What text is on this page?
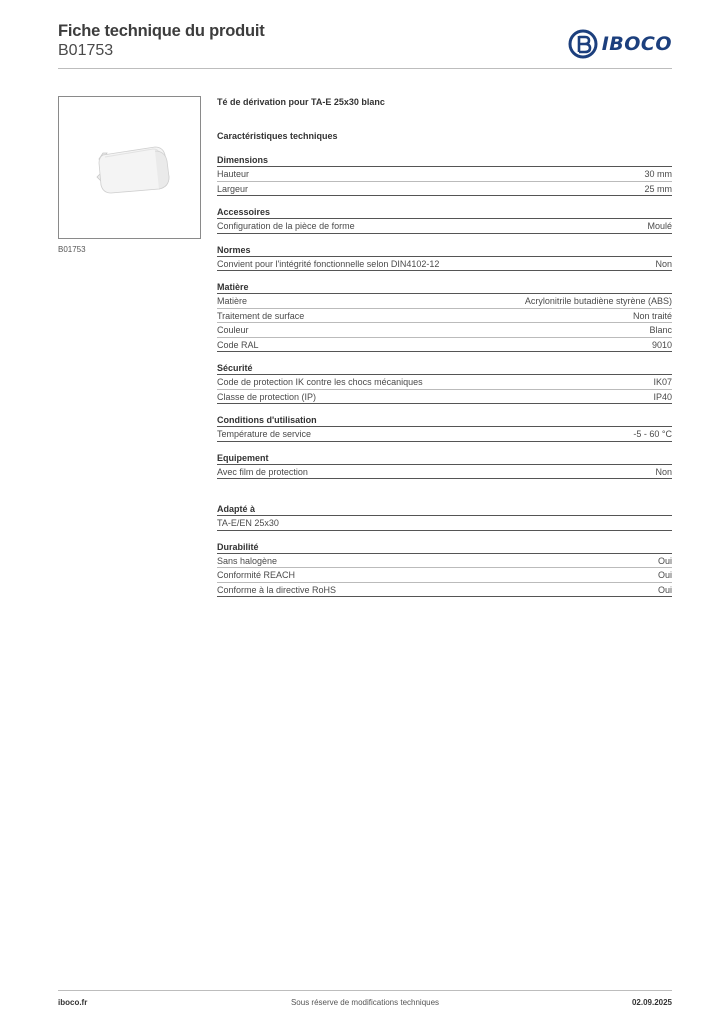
Fiche technique du produit
B01753	IBOCO
B01753
Té de dérivation pour TA-E 25x30 blanc
Caractéristiques techniques
Dimensions
Hauteur	30 mm
Largeur	25 mm
Accessoires
Configuration de la pièce de forme	Moulé
Normes
Convient pour l'intégrité fonctionnelle selon DIN4102-12	Non
Matière
Matière	Acrylonitrile butadiène styrène (ABS)
Traitement de surface	Non traité
Couleur	Blanc
Code RAL	9010
Sécurité
Code de protection IK contre les chocs mécaniques	IK07
Classe de protection (IP)	IP40
Conditions d'utilisation
Température de service	-5 - 60 °C
Equipement
Avec film de protection	Non
Adapté à
TA-E/EN 25x30
Durabilité
Sans halogène	Oui
Conformité REACH	Oui
Conforme à la directive RoHS	Oui
iboco.fr	Sous réserve de modifications techniques	02.09.2025
